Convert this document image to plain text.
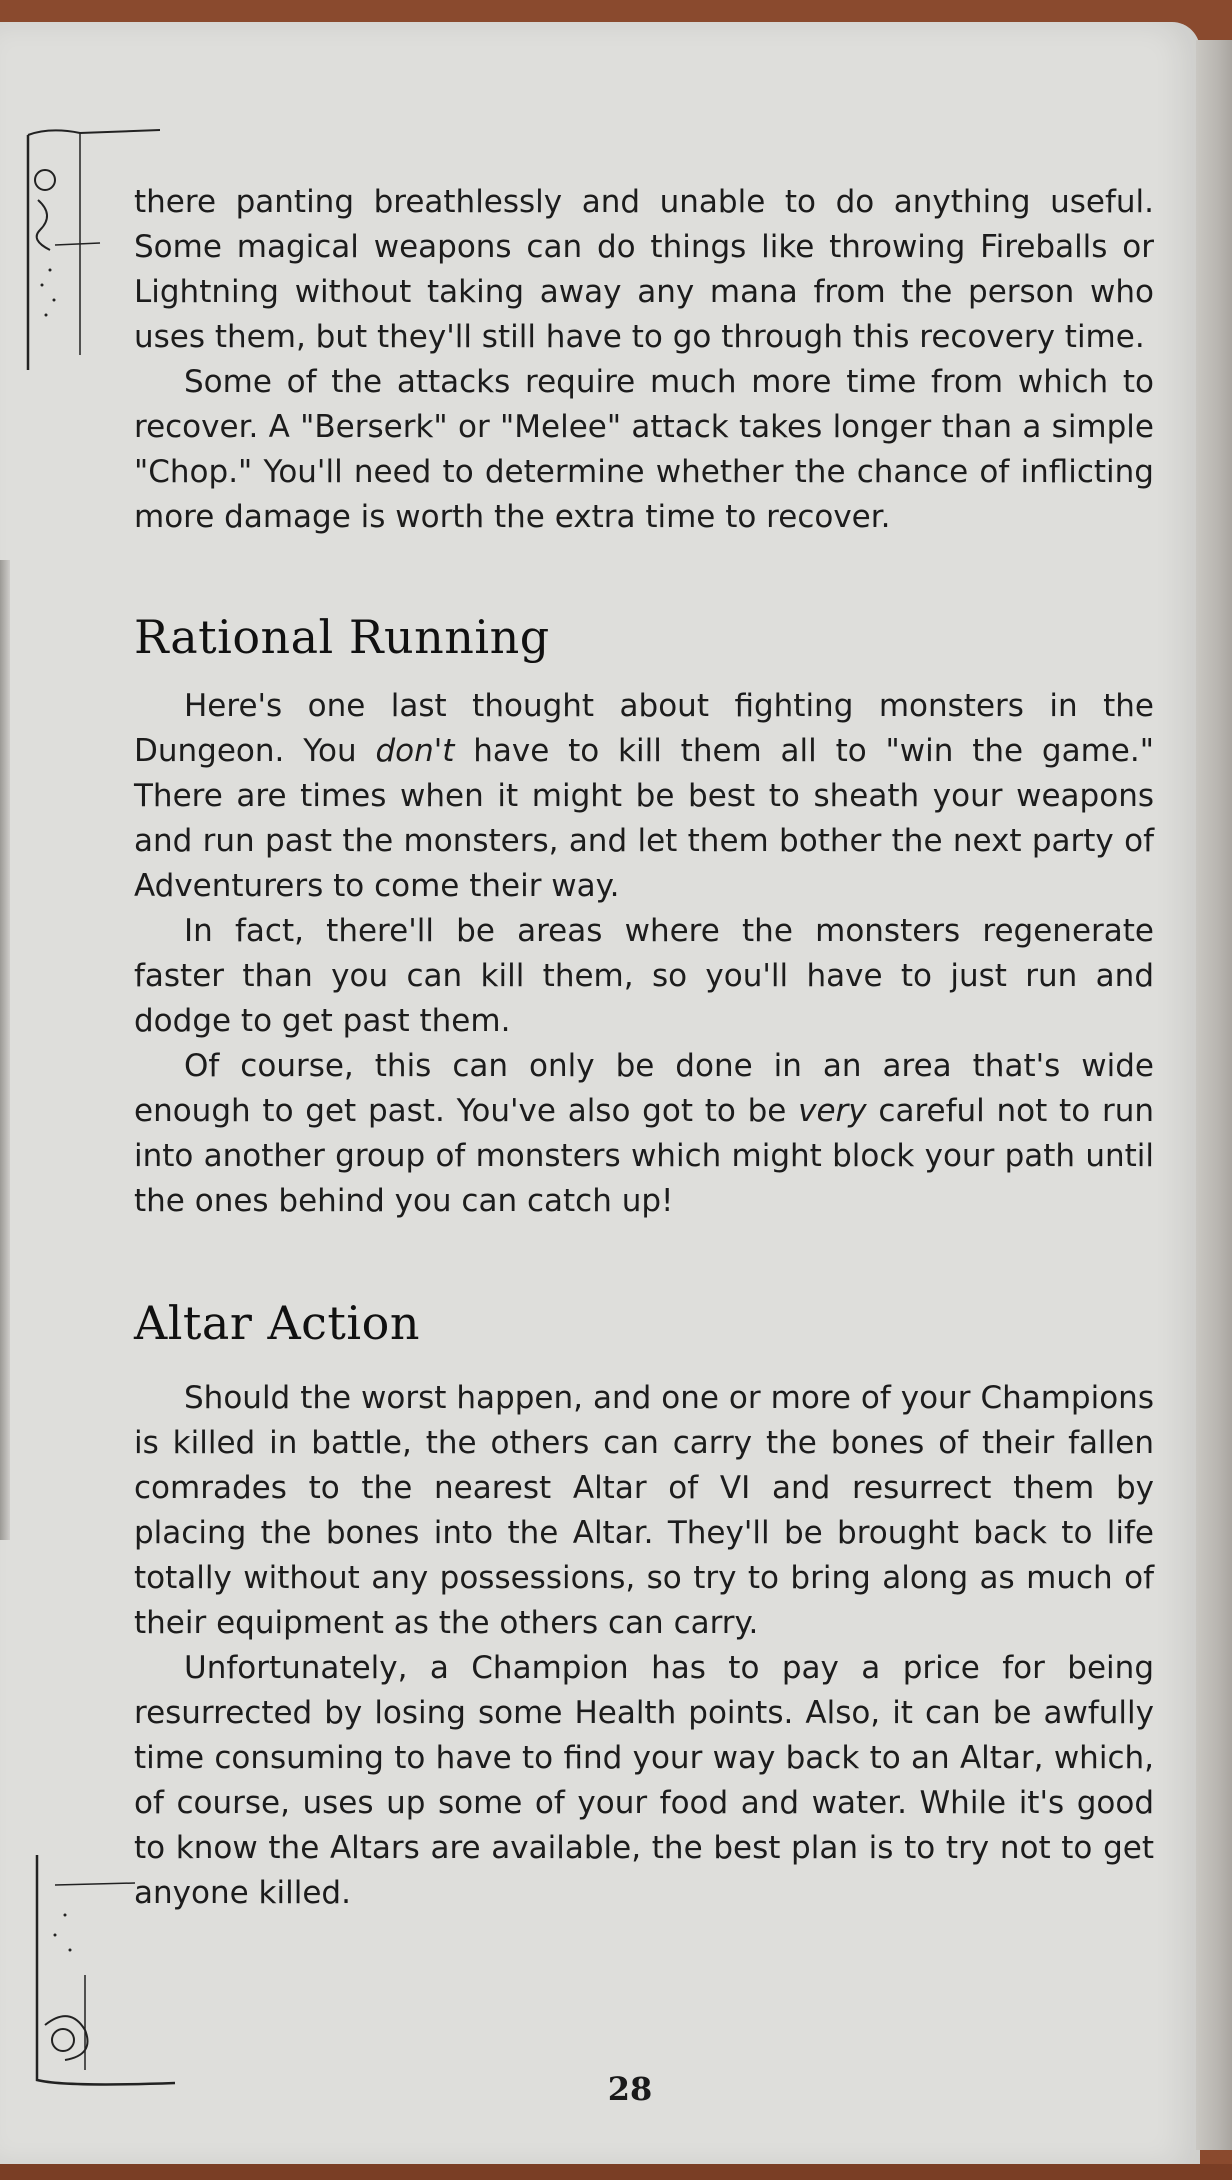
there panting breathlessly and unable to do anything useful. Some magical weapons can do things like throwing Fireballs or Lightning without taking away any mana from the person who uses them, but they'll still have to go through this recovery time.

Some of the attacks require much more time from which to recover. A "Berserk" or "Melee" attack takes longer than a simple "Chop." You'll need to determine whether the chance of inflicting more damage is worth the extra time to recover.

Rational Running

Here's one last thought about fighting monsters in the Dungeon. You don't have to kill them all to "win the game." There are times when it might be best to sheath your weapons and run past the monsters, and let them bother the next party of Adventurers to come their way.

In fact, there'll be areas where the monsters regenerate faster than you can kill them, so you'll have to just run and dodge to get past them.

Of course, this can only be done in an area that's wide enough to get past. You've also got to be very careful not to run into another group of monsters which might block your path until the ones behind you can catch up!

Altar Action

Should the worst happen, and one or more of your Champions is killed in battle, the others can carry the bones of their fallen comrades to the nearest Altar of VI and resurrect them by placing the bones into the Altar. They'll be brought back to life totally without any possessions, so try to bring along as much of their equipment as the others can carry.

Unfortunately, a Champion has to pay a price for being resurrected by losing some Health points. Also, it can be awfully time consuming to have to find your way back to an Altar, which, of course, uses up some of your food and water. While it's good to know the Altars are available, the best plan is to try not to get anyone killed.

28
